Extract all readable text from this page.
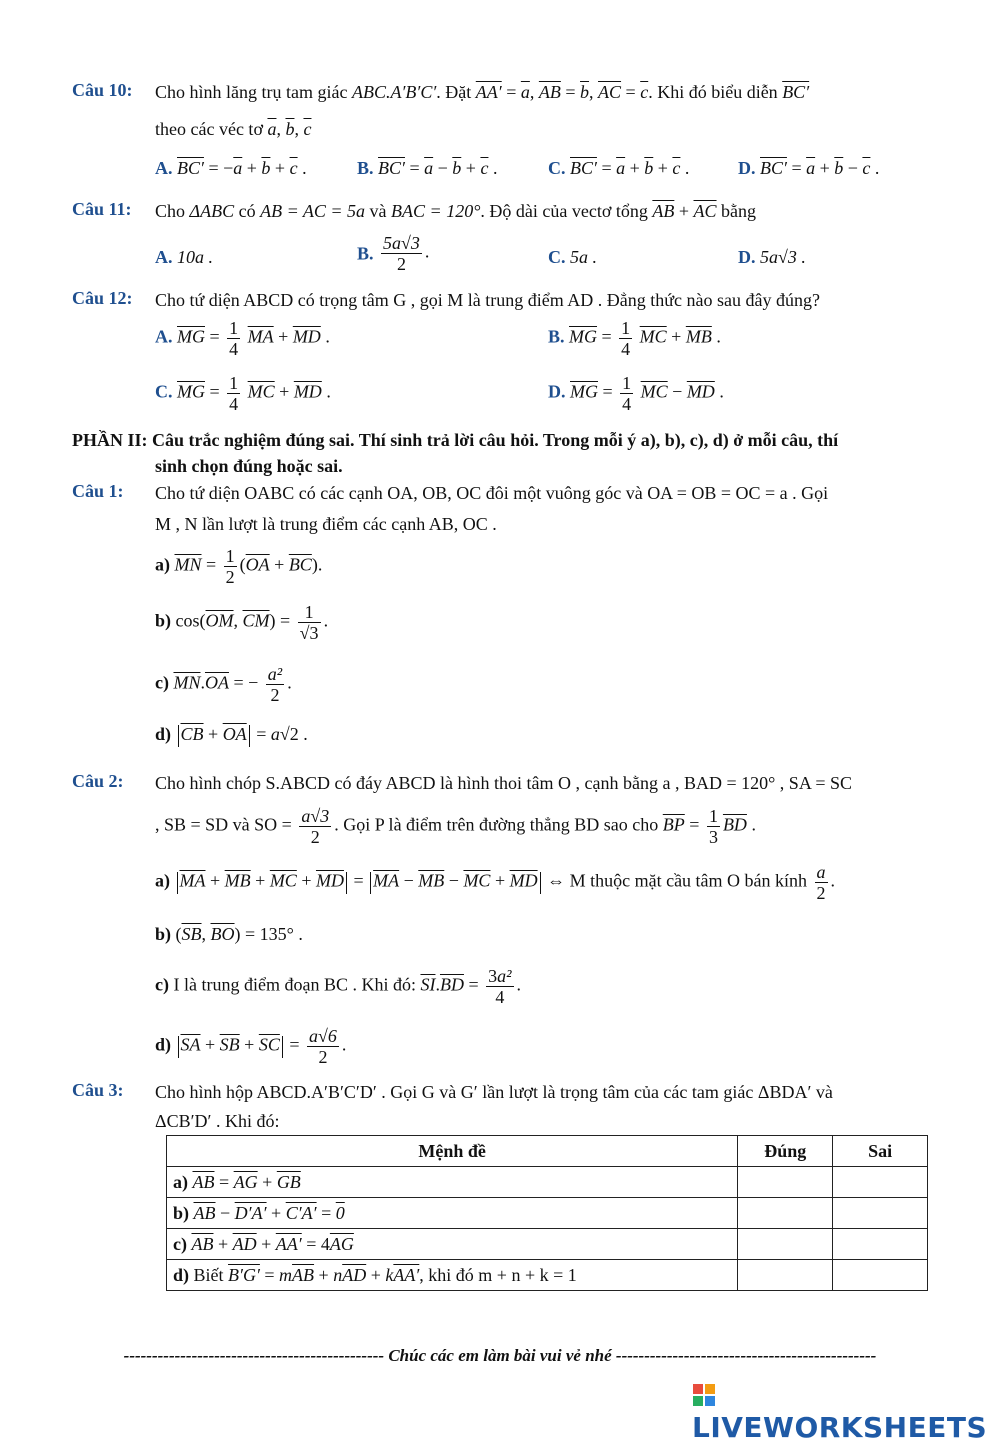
Câu 10: Cho hình lăng trụ tam giác ABC.A′B′C′. Đặt $AA' = \overline{a}$, $\overline{AB} = \overline{b}$, $\overline{AC} = \overline{c}$. Khi đó biểu diễn BC′
theo các véc tơ $\overline{a}$, $\overline{b}$, $\overline{c}$
A. $BC' = -\overline{a} + \overline{b} + \overline{c}$ .	B. $BC' = \overline{a} - \overline{b} + \overline{c}$ .	C. $BC' = \overline{a} + \overline{b} + \overline{c}$ .	D. $BC' = \overline{a} + \overline{b} - \overline{c}$ .
Câu 11: Cho ΔABC có AB = AC = 5a và BAC = 120°. Độ dài của vectơ tổng $\overline{AB} + \overline{AC}$ bằng
A. 10a .	B. $\frac{5a√3}{2}$ .	C. 5a .	D. 5a√3 .
Câu 12: Cho tứ diện ABCD có trọng tâm G , gọi M là trung điểm AD . Đẳng thức nào sau đây đúng?
A. $\overline{MG} = \frac{1}{4} \overline{MA} + \overline{MD}$ .	B. $\overline{MG} = \frac{1}{4} \overline{MC} + \overline{MB}$ .
C. $\overline{MG} = \frac{1}{4} \overline{MC} + \overline{MD}$ .	D. $\overline{MG} = \frac{1}{4} \overline{MC} - \overline{MD}$ .
PHẦN II: Câu trắc nghiệm đúng sai. Thí sinh trả lời câu hỏi. Trong mỗi ý a), b), c), d) ở mỗi câu, thí
sinh chọn đúng hoặc sai.
Câu 1: Cho tứ diện OABC có các cạnh OA, OB, OC đôi một vuông góc và OA = OB = OC = a . Gọi
M , N lần lượt là trung điểm các cạnh AB, OC .
a) $\overline{MN} = \frac{1}{2} (\overline{OA} + \overline{BC})$.
b) $\cos(\overline{OM}$, $\overline{CM}) = \frac{1}{√3}$ .
c) $\overline{MN}.\overline{OA}$ = − $\frac{\text{a²}}{2}$ .
d) $\overline{CB} + \overline{OA} = a√2$ .
Câu 2: Cho hình chóp S.ABCD có đáy ABCD là hình thoi tâm O , cạnh bằng a , BAD = 120° , SA = SC
, SB = SD và SO = $\frac{a√3}{2}$ . Gọi P là điểm trên đường thẳng BD sao cho $\overline{BP} = \frac{1}{3} \overline{BD}$ .
a) $\overline{MA} + \overline{MB} + \overline{MC} + \overline{MD} = \overline{MA} - \overline{MB} - \overline{MC} + \overline{MD}$ ⇔ M thuộc mặt cầu tâm O bán kính $\frac{a}{2}$ .
b) ($\overline{SB}$, $\overline{BO}) = 135^\circ$ .
c) I là trung điểm đoạn BC . Khi đó: $\overline{SI}.\overline{BD} = \frac{\text{3a²}}{4}$ .
d) $\overline{SA} + \overline{SB} + \overline{SC} = \frac{a√6}{2}$ .
Câu 3: Cho hình hộp ABCD.A′B′C′D′ . Gọi G và G′ lần lượt là trọng tâm của các tam giác ΔBDA′ và
ΔCB′D′ . Khi đó:
Mệnh đề	Đúng	Sai
a) $\overline{AB} = \overline{AG} + \overline{GB}$		
b) $\overline{AB} - D'A' + C'A' = 0$		
c) $\overline{AB} + \overline{AD} + AA' = 4\overline{AG}$		
d) Biết $B'G' = m\overline{AB} + n\overline{AD} + kAA'$, khi đó m + n + k = 1		
---------------------------------------------- Chúc các em làm bài vui vẻ nhé ----------------------------------------------
LIVEWORKSHEETS
